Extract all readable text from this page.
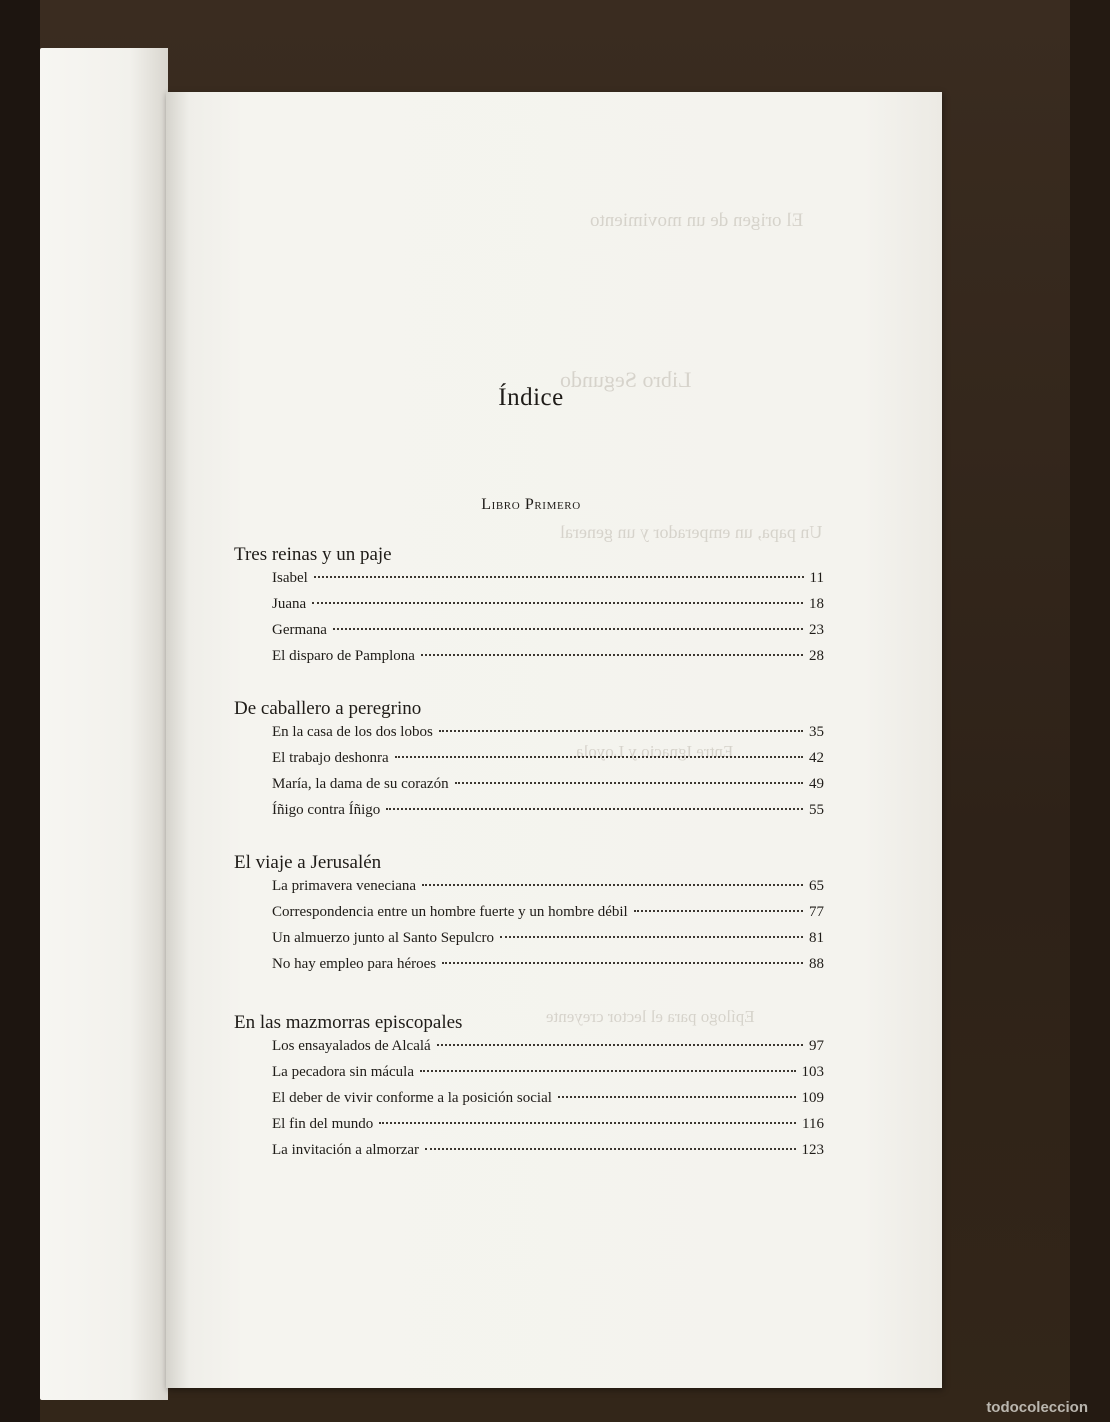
El origen de un movimiento
Libro Segundo
Un papa, un emperador y un general
Entre Ignacio y Loyola
Epílogo para el lector creyente
Índice
Libro Primero
Tres reinas y un paje
Isabel	11
Juana	18
Germana	23
El disparo de Pamplona	28
De caballero a peregrino
En la casa de los dos lobos	35
El trabajo deshonra	42
María, la dama de su corazón	49
Íñigo contra Íñigo	55
El viaje a Jerusalén
La primavera veneciana	65
Correspondencia entre un hombre fuerte y un hombre débil	77
Un almuerzo junto al Santo Sepulcro	81
No hay empleo para héroes	88
En las mazmorras episcopales
Los ensayalados de Alcalá	97
La pecadora sin mácula	103
El deber de vivir conforme a la posición social	109
El fin del mundo	116
La invitación a almorzar	123
todocoleccion
